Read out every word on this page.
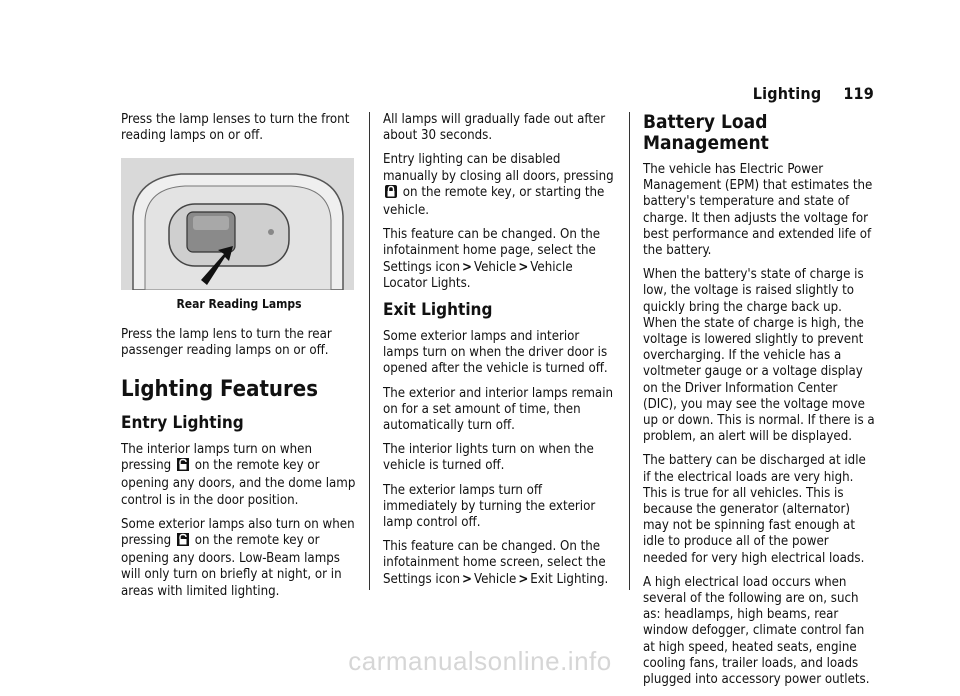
Lighting 119

Press the lamp lenses to turn the front reading lamps on or off.

Rear Reading Lamps

Press the lamp lens to turn the rear passenger reading lamps on or off.

Lighting Features
Entry Lighting

The interior lamps turn on when pressing on the remote key or opening any doors, and the dome lamp control is in the door position.

Some exterior lamps also turn on when pressing on the remote key or opening any doors. Low-Beam lamps will only turn on briefly at night, or in areas with limited lighting.

All lamps will gradually fade out after about 30 seconds.

Entry lighting can be disabled manually by closing all doors, pressing  on the remote key, or starting the vehicle.

This feature can be changed. On the infotainment home page, select the Settings icon > Vehicle > Vehicle Locator Lights.

Exit Lighting

Some exterior lamps and interior lamps turn on when the driver door is opened after the vehicle is turned off.

The exterior and interior lamps remain on for a set amount of time, then automatically turn off.

The interior lights turn on when the vehicle is turned off.

The exterior lamps turn off immediately by turning the exterior lamp control off.

This feature can be changed. On the infotainment home screen, select the Settings icon > Vehicle > Exit Lighting.

Battery Load Management

The vehicle has Electric Power Management (EPM) that estimates the battery's temperature and state of charge. It then adjusts the voltage for best performance and extended life of the battery.

When the battery's state of charge is low, the voltage is raised slightly to quickly bring the charge back up. When the state of charge is high, the voltage is lowered slightly to prevent overcharging. If the vehicle has a voltmeter gauge or a voltage display on the Driver Information Center (DIC), you may see the voltage move up or down. This is normal. If there is a problem, an alert will be displayed.

The battery can be discharged at idle if the electrical loads are very high. This is true for all vehicles. This is because the generator (alternator) may not be spinning fast enough at idle to produce all of the power needed for very high electrical loads.

A high electrical load occurs when several of the following are on, such as: headlamps, high beams, rear window defogger, climate control fan at high speed, heated seats, engine cooling fans, trailer loads, and loads plugged into accessory power outlets.

carmanualsonline.info
